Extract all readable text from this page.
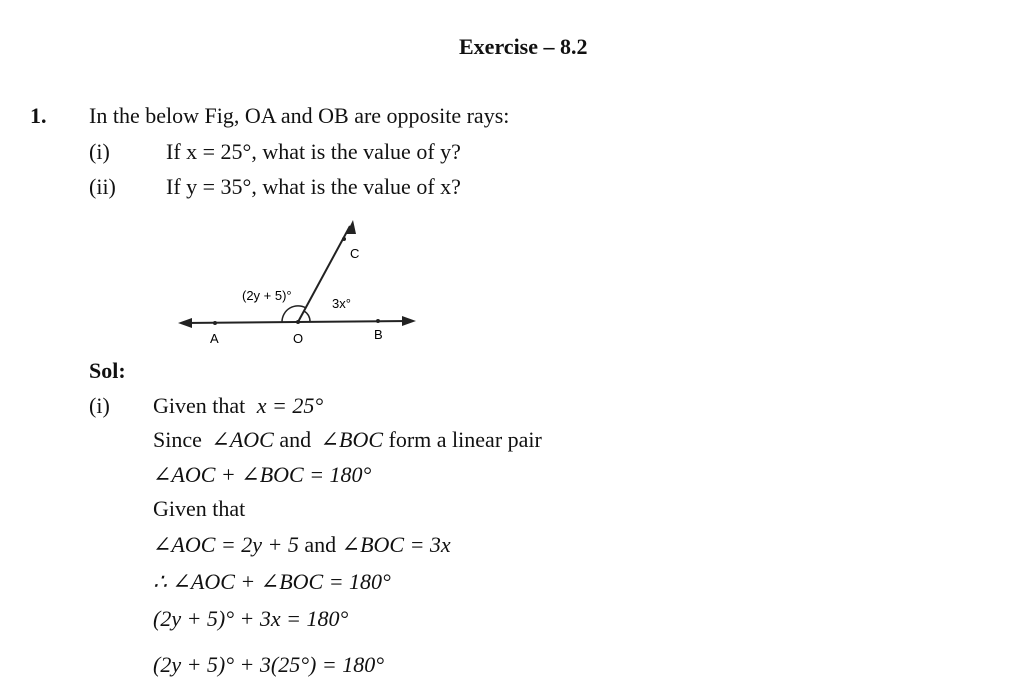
Exercise – 8.2
1. In the below Fig, OA and OB are opposite rays:
(i)	If x = 25°, what is the value of y?
(ii) If y = 35°, what is the value of x?
A	O	B
C
(2y + 5)°
3x°
Sol:
(i) Given that x = 25°
Since ∠AOC and ∠BOC form a linear pair
∠AOC + ∠BOC = 180°
Given that
∠AOC = 2y + 5 and ∠BOC = 3x
∴ ∠AOC + ∠BOC = 180°
(2y + 5)° + 3x = 180°
(2y + 5)° + 3(25°) = 180°
